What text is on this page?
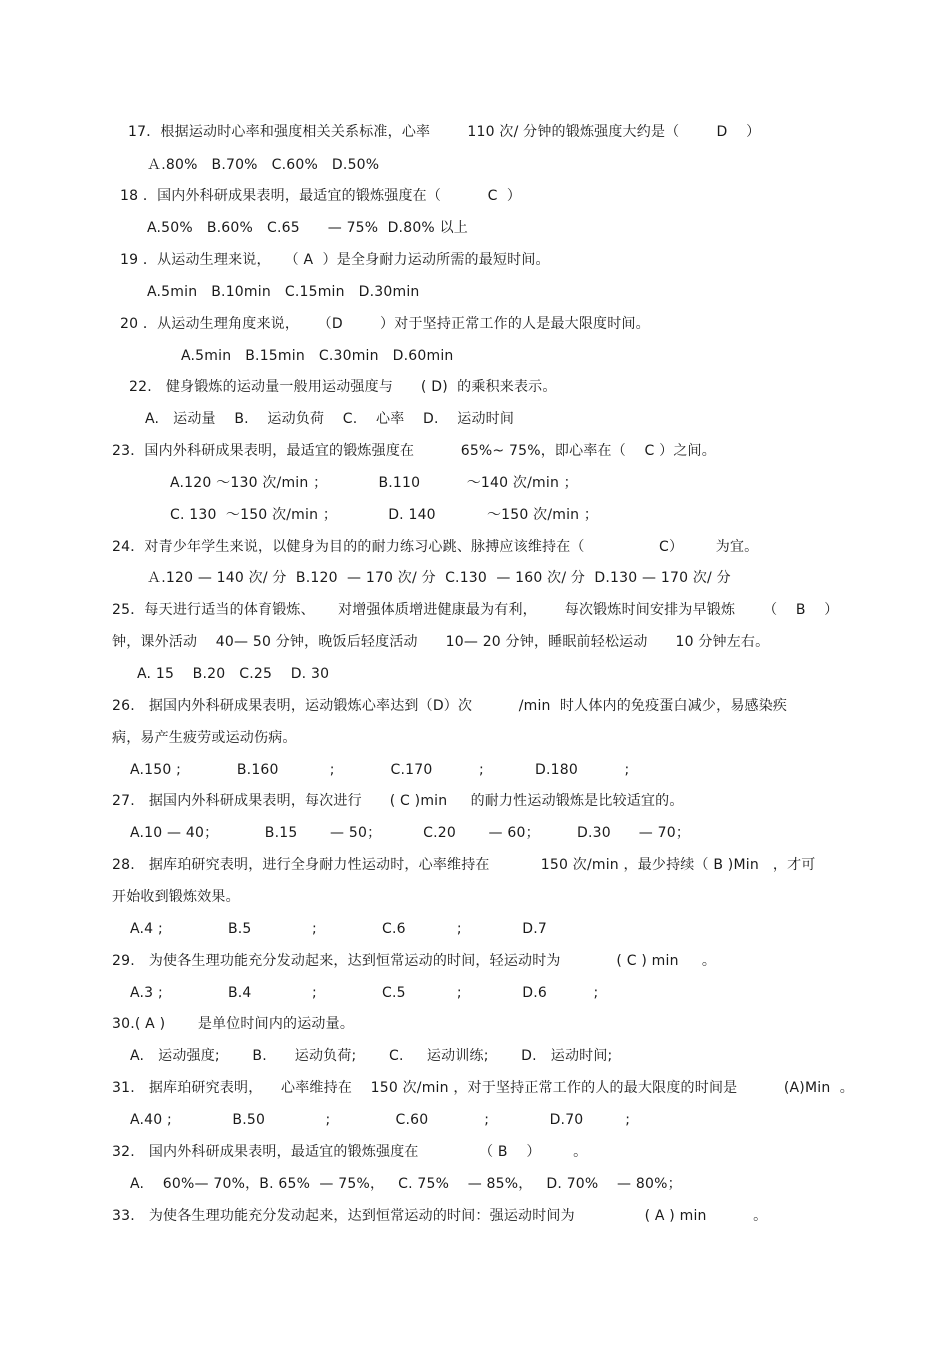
17．根据运动时心率和强度相关关系标准，心率        110 次/ 分钟的锻炼强度大约是（        D    ）
Ａ.80%   B.70%   C.60%   D.50%
18 ．国内外科研成果表明，最适宜的锻炼强度在（          C  ）
A.50%   B.60%   C.65      — 75%  D.80% 以上
19 ．从运动生理来说，   （ A  ）是全身耐力运动所需的最短时间。
A.5min   B.10min   C.15min   D.30min
20 ．从运动生理角度来说，    （D        ）对于坚持正常工作的人是最大限度时间。
A.5min   B.15min   C.30min   D.60min
22.   健身锻炼的运动量一般用运动强度与      ( D)  的乘积来表示。
A.   运动量    B.    运动负荷    C.    心率    D.    运动时间
23．国内外科研成果表明，最适宜的锻炼强度在          65%~ 75%，即心率在（    C ）之间。
A.120 ～130 次/min ；           B.110          ～140 次/min ；
C. 130  ～150 次/min ；           D. 140           ～150 次/min ；
24．对青少年学生来说，以健身为目的的耐力练习心跳、脉搏应该维持在（                C）       为宜。
Ａ.120 — 140 次/ 分  B.120  — 170 次/ 分  C.130  — 160 次/ 分  D.130 — 170 次/ 分
25．每天进行适当的体育锻炼、     对增强体质增进健康最为有利，      每次锻炼时间安排为早锻炼      （    B    ）
钟，课外活动    40— 50 分钟，晚饭后轻度活动      10— 20 分钟，睡眠前轻松运动      10 分钟左右。
A. 15    B.20   C.25    D. 30
26.   据国内外科研成果表明，运动锻炼心率达到（D）次          /min  时人体内的免疫蛋白减少，易感染疾
病，易产生疲劳或运动伤病。
A.150 ;            B.160           ;            C.170          ;           D.180          ;
27.   据国内外科研成果表明，每次进行      ( C )min     的耐力性运动锻炼是比较适宜的。
A.10 — 40；          B.15       — 50；         C.20       — 60；        D.30      — 70；
28.   据库珀研究表明，进行全身耐力性运动时，心率维持在           150 次/min ，最少持续（ B )Min   ，才可
开始收到锻炼效果。
A.4 ;              B.5             ;              C.6           ;             D.7
29.   为使各生理功能充分发动起来，达到恒常运动的时间，轻运动时为            ( C ) min     。
A.3 ;              B.4             ;              C.5           ;             D.6          ;
30.( A )       是单位时间内的运动量。
A.   运动强度;       B.      运动负荷;       C.     运动训练;       D.   运动时间;
31.   据库珀研究表明，    心率维持在    150 次/min ，对于坚持正常工作的人的最大限度的时间是          (A)Min  。
A.40 ;             B.50             ;              C.60            ;             D.70         ;
32.   国内外科研成果表明，最适宜的锻炼强度在             （ B    ）       。
A.    60%— 70%，B. 65%  — 75%，   C. 75%    — 85%，   D. 70%    — 80%；
33.   为使各生理功能充分发动起来，达到恒常运动的时间：强运动时间为               ( A ) min          。
